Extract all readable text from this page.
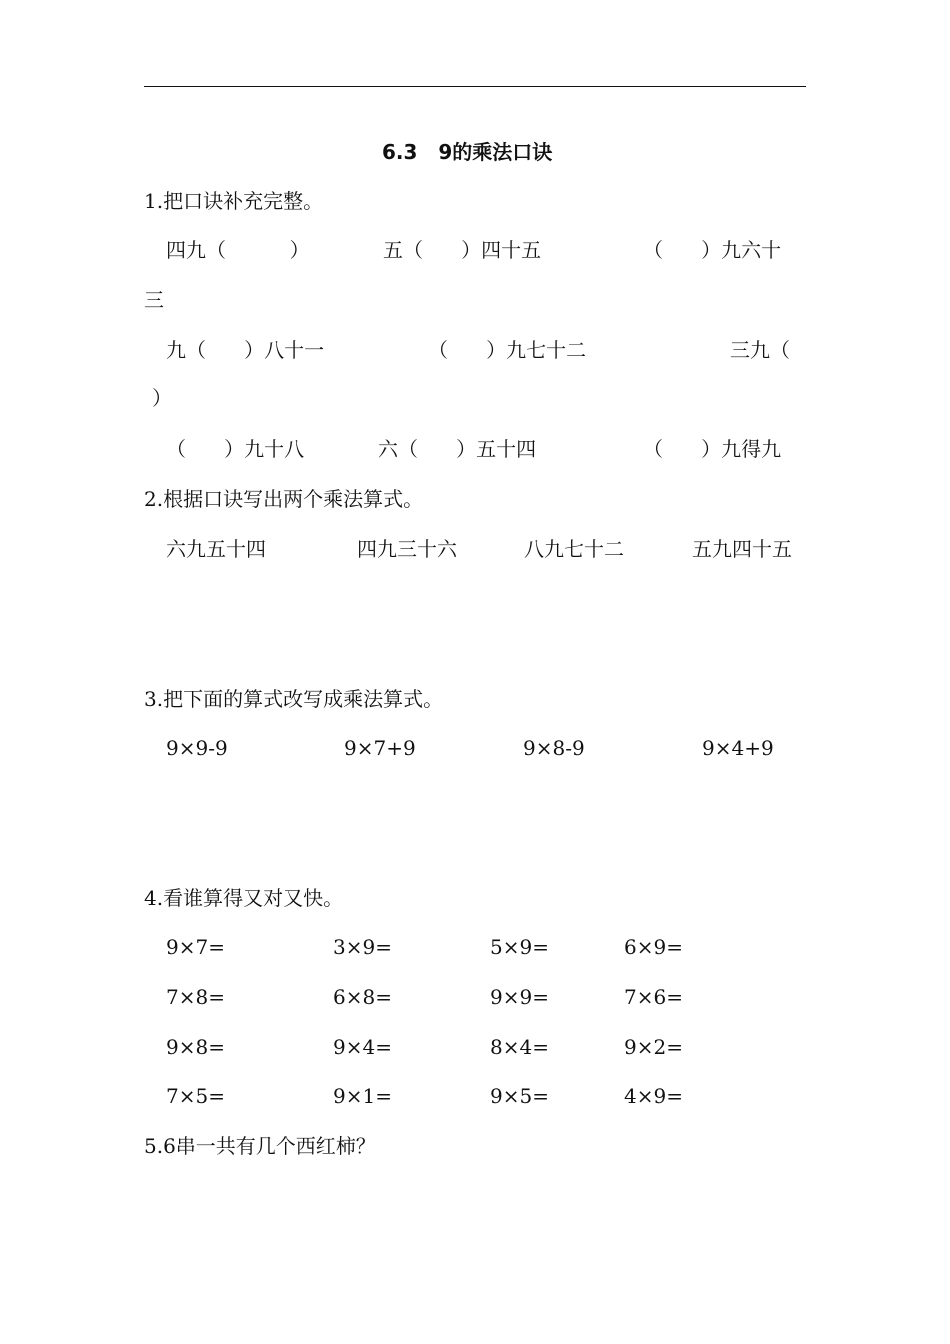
6.3   9的乘法口诀
1.把口诀补充完整。
四九（          ）	五（      ）四十五	（      ）九六十
三
九（      ）八十一	（      ）九七十二	三九（
）
（      ）九十八	六（      ）五十四	（      ）九得九
2.根据口诀写出两个乘法算式。
六九五十四	四九三十六	八九七十二	五九四十五
3.把下面的算式改写成乘法算式。
9×9-9	9×7+9	9×8-9	9×4+9
4.看谁算得又对又快。
9×7=	3×9=	5×9=	6×9=
7×8=	6×8=	9×9=	7×6=
9×8=	9×4=	8×4=	9×2=
7×5=	9×1=	9×5=	4×9=
5.6串一共有几个西红柿？
